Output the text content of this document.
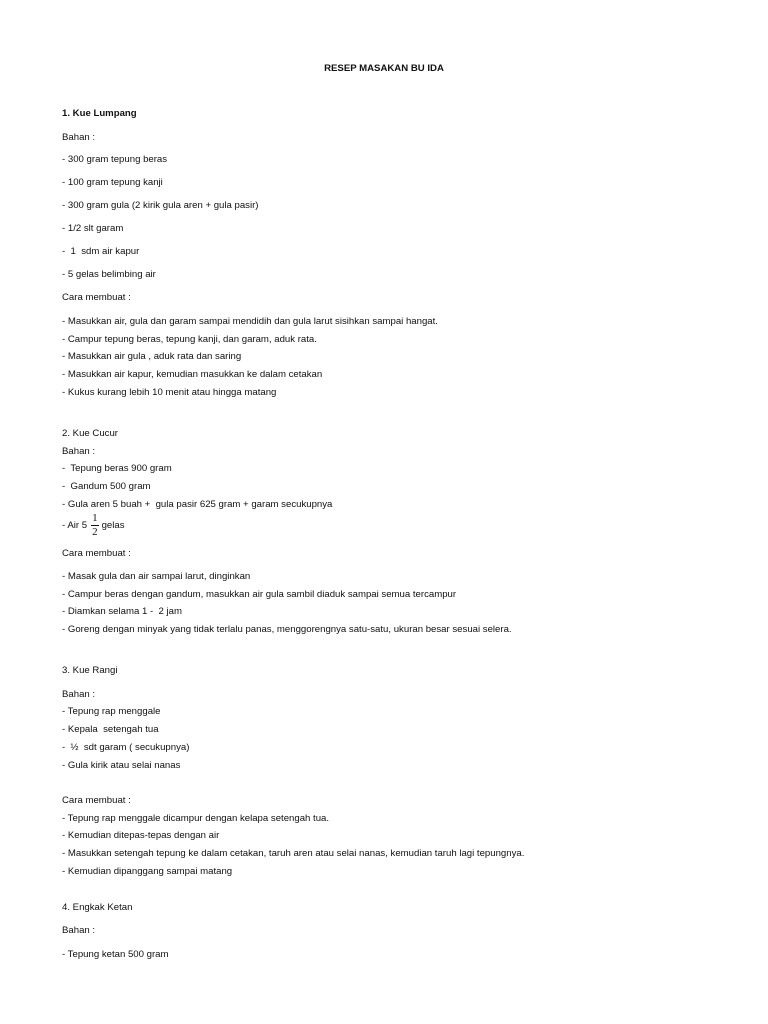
RESEP MASAKAN BU IDA
1. Kue Lumpang
Bahan :
- 300 gram tepung beras
- 100 gram tepung kanji
- 300 gram gula (2 kirik gula aren + gula pasir)
- 1/2 slt garam
-  1  sdm air kapur
- 5 gelas belimbing air
Cara membuat :
- Masukkan air, gula dan garam sampai mendidih dan gula larut sisihkan sampai hangat.
- Campur tepung beras, tepung kanji, dan garam, aduk rata.
- Masukkan air gula , aduk rata dan saring
- Masukkan air kapur, kemudian masukkan ke dalam cetakan
- Kukus kurang lebih 10 menit atau hingga matang
2. Kue Cucur
Bahan :
-  Tepung beras 900 gram
-  Gandum 500 gram
- Gula aren 5 buah +  gula pasir 625 gram + garam secukupnya
- Air $5 \frac{1}{2}$ gelas
Cara membuat :
- Masak gula dan air sampai larut, dinginkan
- Campur beras dengan gandum, masukkan air gula sambil diaduk sampai semua tercampur
- Diamkan selama 1 -  2 jam
- Goreng dengan minyak yang tidak terlalu panas, menggorengnya satu-satu, ukuran besar sesuai selera.
3. Kue Rangi
Bahan :
- Tepung rap menggale
- Kepala  setengah tua
-  ½  sdt garam ( secukupnya)
- Gula kirik atau selai nanas
Cara membuat :
- Tepung rap menggale dicampur dengan kelapa setengah tua.
- Kemudian ditepas-tepas dengan air
- Masukkan setengah tepung ke dalam cetakan, taruh aren atau selai nanas, kemudian taruh lagi tepungnya.
- Kemudian dipanggang sampai matang
4. Engkak Ketan
Bahan :
- Tepung ketan 500 gram
